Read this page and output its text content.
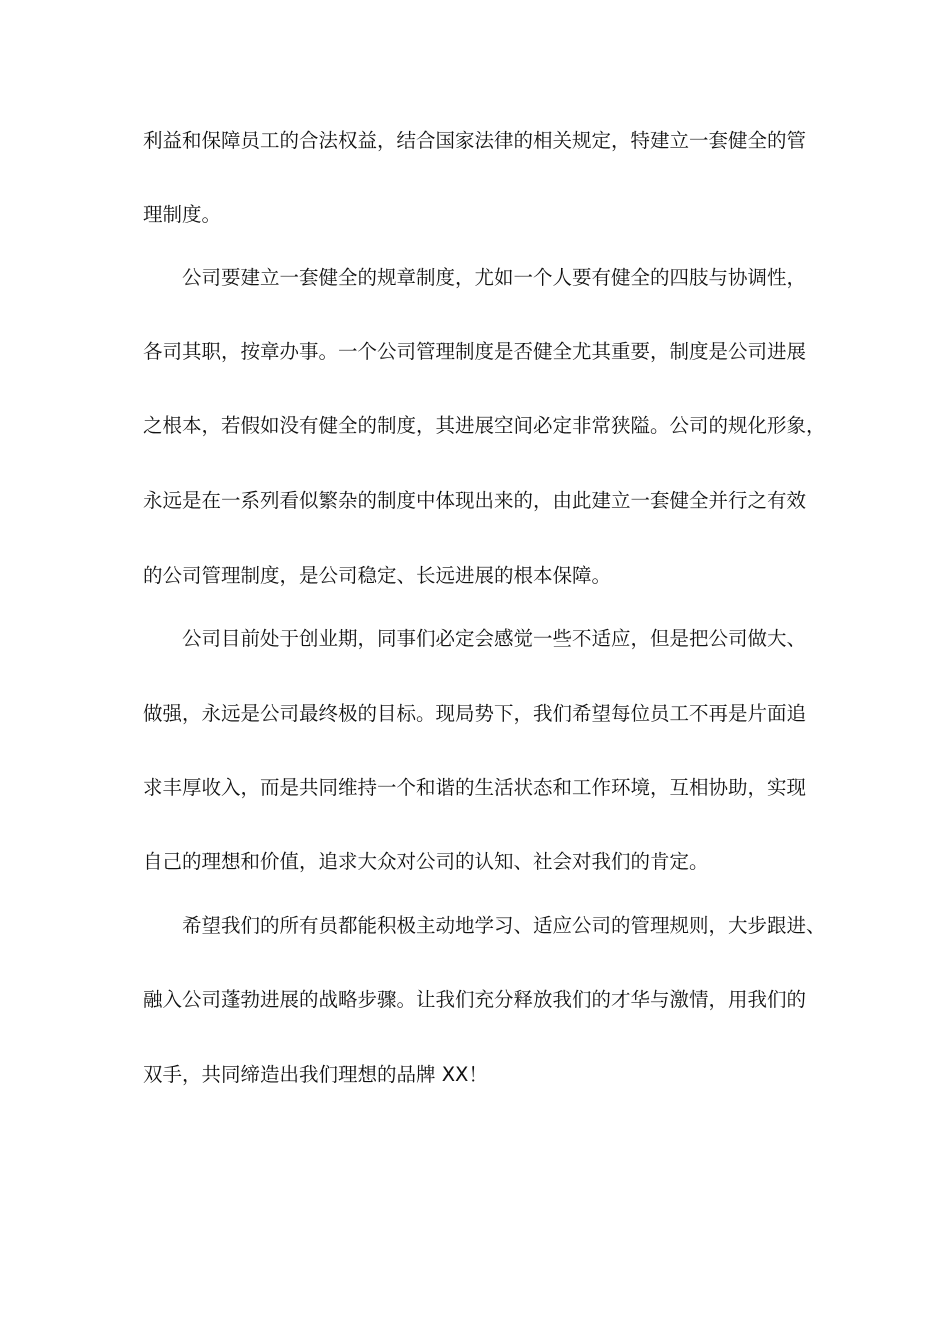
利益和保障员工的合法权益，结合国家法律的相关规定，特建立一套健全的管
理制度。
公司要建立一套健全的规章制度，尤如一个人要有健全的四肢与协调性，
各司其职，按章办事。一个公司管理制度是否健全尤其重要，制度是公司进展
之根本，若假如没有健全的制度，其进展空间必定非常狭隘。公司的规化形象，
永远是在一系列看似繁杂的制度中体现出来的，由此建立一套健全并行之有效
的公司管理制度，是公司稳定、长远进展的根本保障。
公司目前处于创业期，同事们必定会感觉一些不适应，但是把公司做大、
做强，永远是公司最终极的目标。现局势下，我们希望每位员工不再是片面追
求丰厚收入，而是共同维持一个和谐的生活状态和工作环境，互相协助，实现
自己的理想和价值，追求大众对公司的认知、社会对我们的肯定。
希望我们的所有员都能积极主动地学习、适应公司的管理规则，大步跟进、
融入公司蓬勃进展的战略步骤。让我们充分释放我们的才华与激情，用我们的
双手，共同缔造出我们理想的品牌 XX！
